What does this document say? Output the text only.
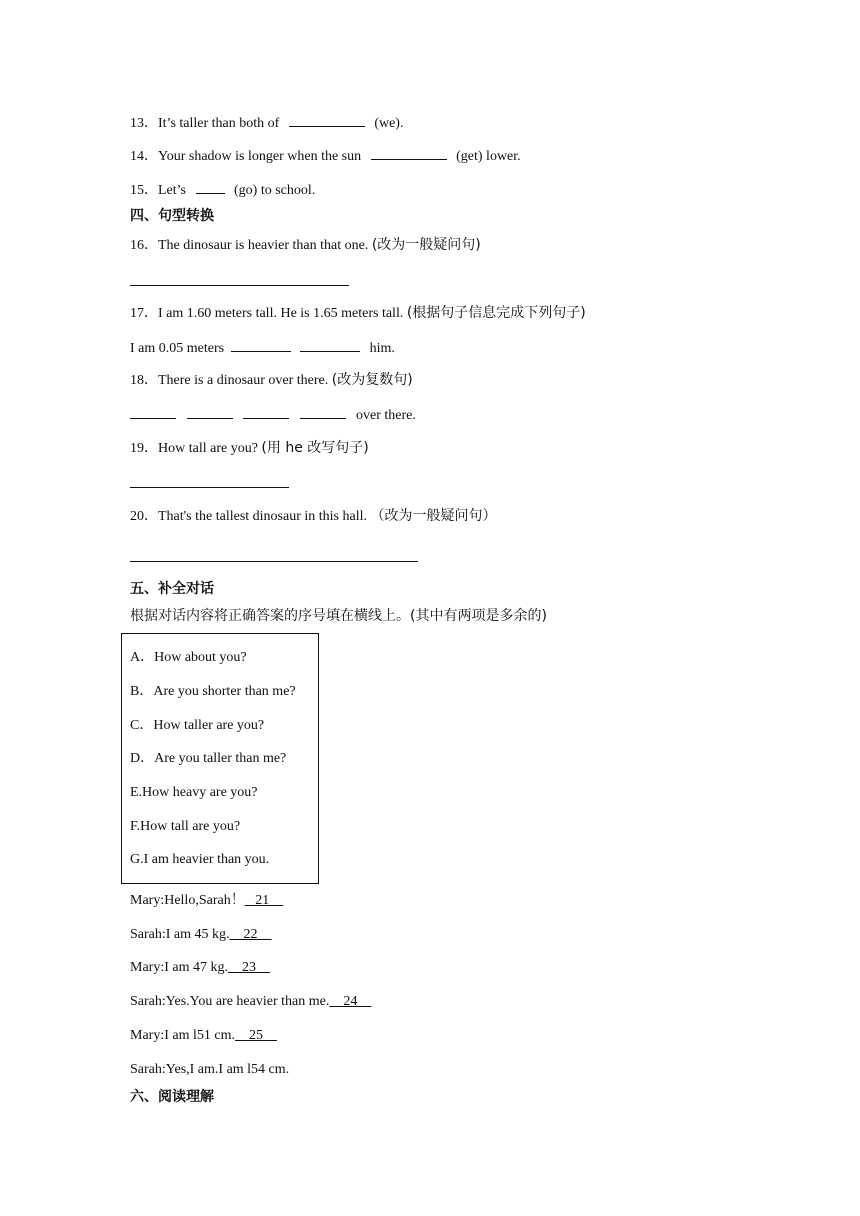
13．It’s taller than both of	(we).
14．Your shadow is longer when the sun	(get) lower.
15．Let’s	(go) to school.
四、句型转换
16．The dinosaur is heavier than that one. (改为一般疑问句)
17．I am 1.60 meters tall. He is 1.65 meters tall. (根据句子信息完成下列句子)
I am 0.05 meters	him.
18．There is a dinosaur over there. (改为复数句)
over there.
19．How tall are you? (用 he 改写句子)
20．That's the tallest dinosaur in this hall. （改为一般疑问句）
五、补全对话
根据对话内容将正确答案的序号填在横线上。(其中有两项是多余的)
A．How about you?
B．Are you shorter than me?
C．How taller are you?
D．Are you taller than me?
E.How heavy are you?
F.How tall are you?
G.I am heavier than you.
Mary:Hello,Sarah！   21
Sarah:I am 45 kg.    22
Mary:I am 47 kg.    23
Sarah:Yes.You are heavier than me.    24
Mary:I am l51 cm.    25
Sarah:Yes,I am.I am l54 cm.
六、阅读理解
